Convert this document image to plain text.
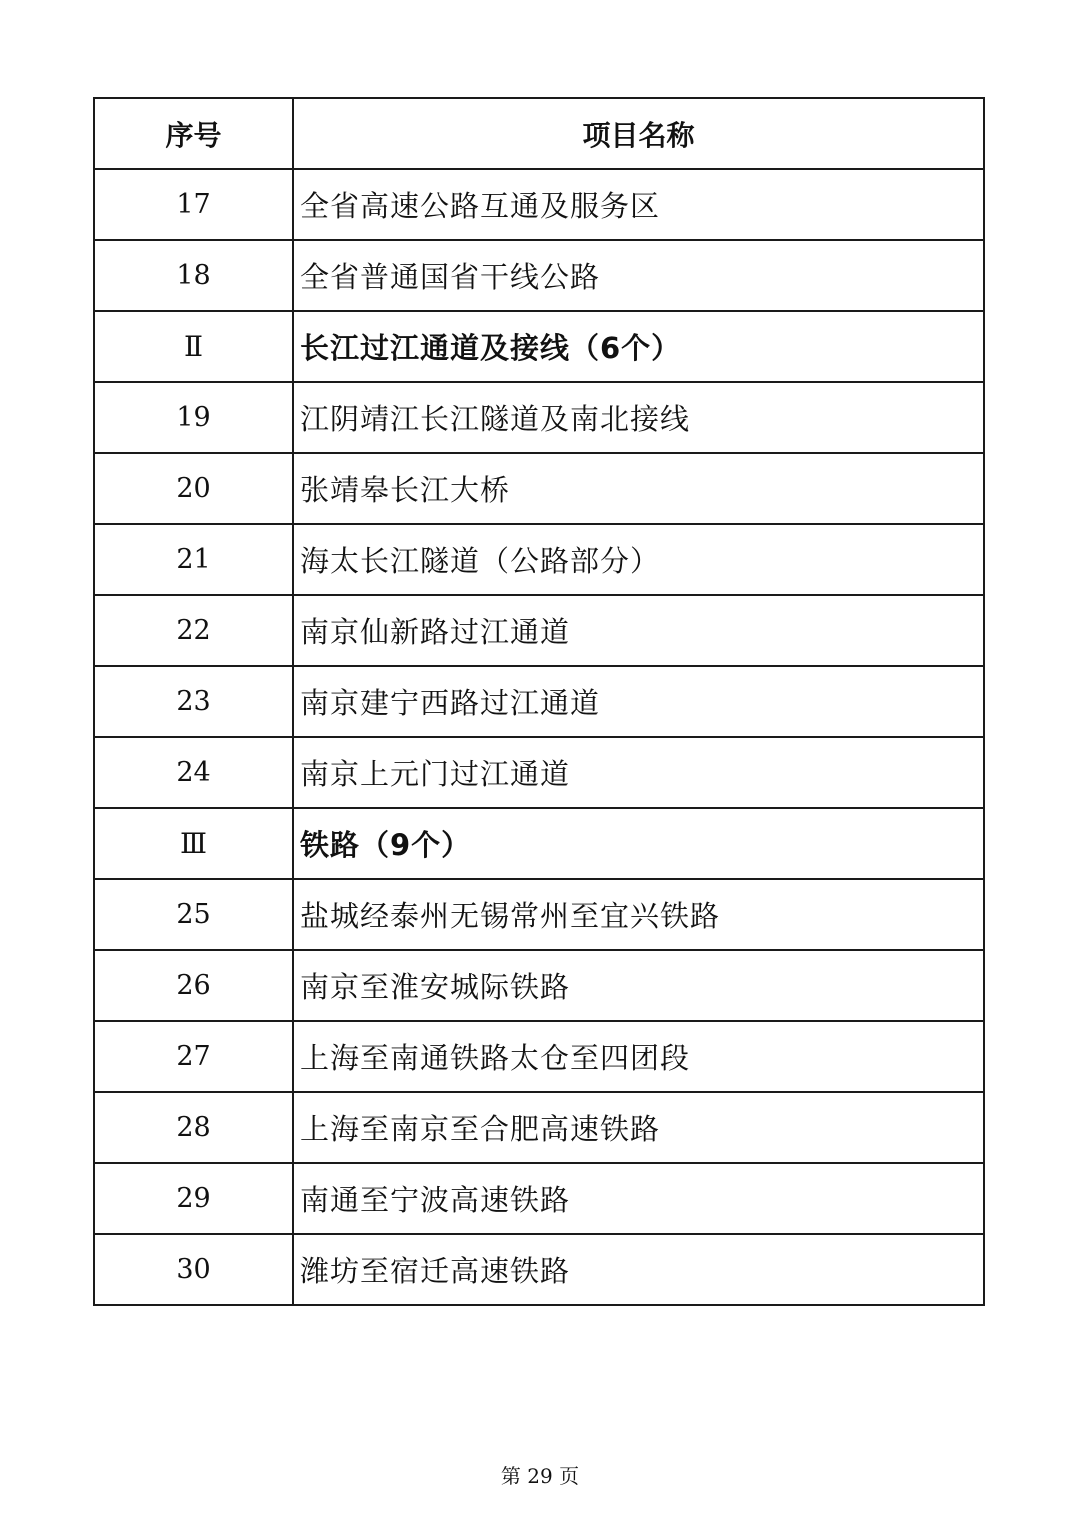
序号	项目名称
17	全省高速公路互通及服务区
18	全省普通国省干线公路
Ⅱ	长江过江通道及接线（6个）
19	江阴靖江长江隧道及南北接线
20	张靖皋长江大桥
21	海太长江隧道（公路部分）
22	南京仙新路过江通道
23	南京建宁西路过江通道
24	南京上元门过江通道
Ⅲ	铁路（9个）
25	盐城经泰州无锡常州至宜兴铁路
26	南京至淮安城际铁路
27	上海至南通铁路太仓至四团段
28	上海至南京至合肥高速铁路
29	南通至宁波高速铁路
30	潍坊至宿迁高速铁路
第 29 页
